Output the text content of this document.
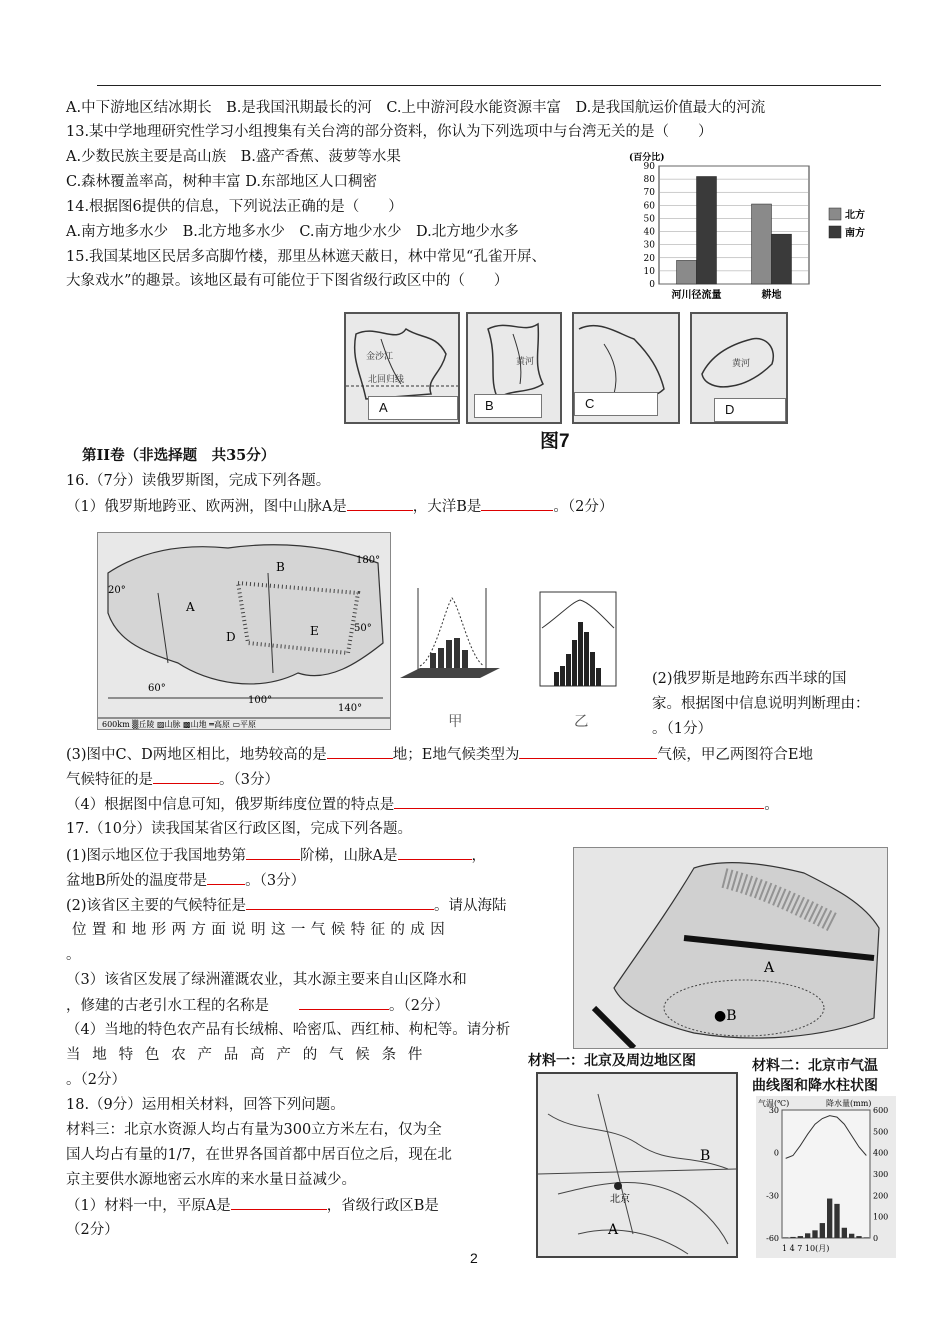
A.中下游地区结冰期长　B.是我国汛期最长的河　C.上中游河段水能资源丰富　D.是我国航运价值最大的河流
13.某中学地理研究性学习小组搜集有关台湾的部分资料，你认为下列选项中与台湾无关的是（　　）
A.少数民族主要是高山族　B.盛产香蕉、菠萝等水果
C.森林覆盖率高，树种丰富 D.东部地区人口稠密
14.根据图6提供的信息，下列说法正确的是（　　）
A.南方地多水少　B.北方地多水少　C.南方地少水少　D.北方地少水多
15.我国某地区民居多高脚竹楼，那里丛林遮天蔽日，林中常见“孔雀开屏、
大象戏水”的趣景。该地区最有可能位于下图省级行政区中的（　　）
(百分比)
0
10
20
30
40
50
60
70
80
90
河川径流量	耕地
北方
南方
金沙江
北回归线
A
黄河
B	C
黄河
D
图7
第II卷（非选择题　共35分）
16.（7分）读俄罗斯图，完成下列各题。
（1）俄罗斯地跨亚、欧两洲，图中山脉A是	，大洋B是	。（2分）
A
B
D	E
20°
50°
60°
100°
140°
180°
600km ▒丘陵 ▨山脉 ▩山地 ═高原 ▭平原	甲	乙
(2)俄罗斯是地跨东西半球的国
家。根据图中信息说明判断理由：
。（1分）
(3)图中C、D两地区相比，地势较高的是	地；E地气候类型为	气候，甲乙两图符合E地
气候特征的是	。（3分）
（4）根据图中信息可知，俄罗斯纬度位置的特点是	。
17.（10分）读我国某省区行政区图，完成下列各题。
(1)图示地区位于我国地势第	阶梯，山脉A是	，
盆地B所处的温度带是	。（3分）
(2)该省区主要的气候特征是	。请从海陆
位置和地形两方面说明这一气候特征的成因
。
（3）该省区发展了绿洲灌溉农业，其水源主要来自山区降水和
，修建的古老引水工程的名称是	。（2分）
（4）当地的特色农产品有长绒棉、哈密瓜、西红柿、枸杞等。请分析
当地特色农产品高产的气候条件
。（2分）
A
●B
18.（9分）运用相关材料，回答下列问题。
材料三：北京水资源人均占有量为300立方米左右，仅为全
国人均占有量的1/7，在世界各国首都中居百位之后，现在北
京主要供水源地密云水库的来水量日益减少。
（1）材料一中，平原A是	，省级行政区B是
（2分）
材料一：北京及周边地区图
B
A
北京
材料二：北京市气温
曲线图和降水柱状图
气温(℃)	降水量(mm)
30
0
-30
-60	0
100
200
300
400
500
600
1 4 7 10(月)
2
